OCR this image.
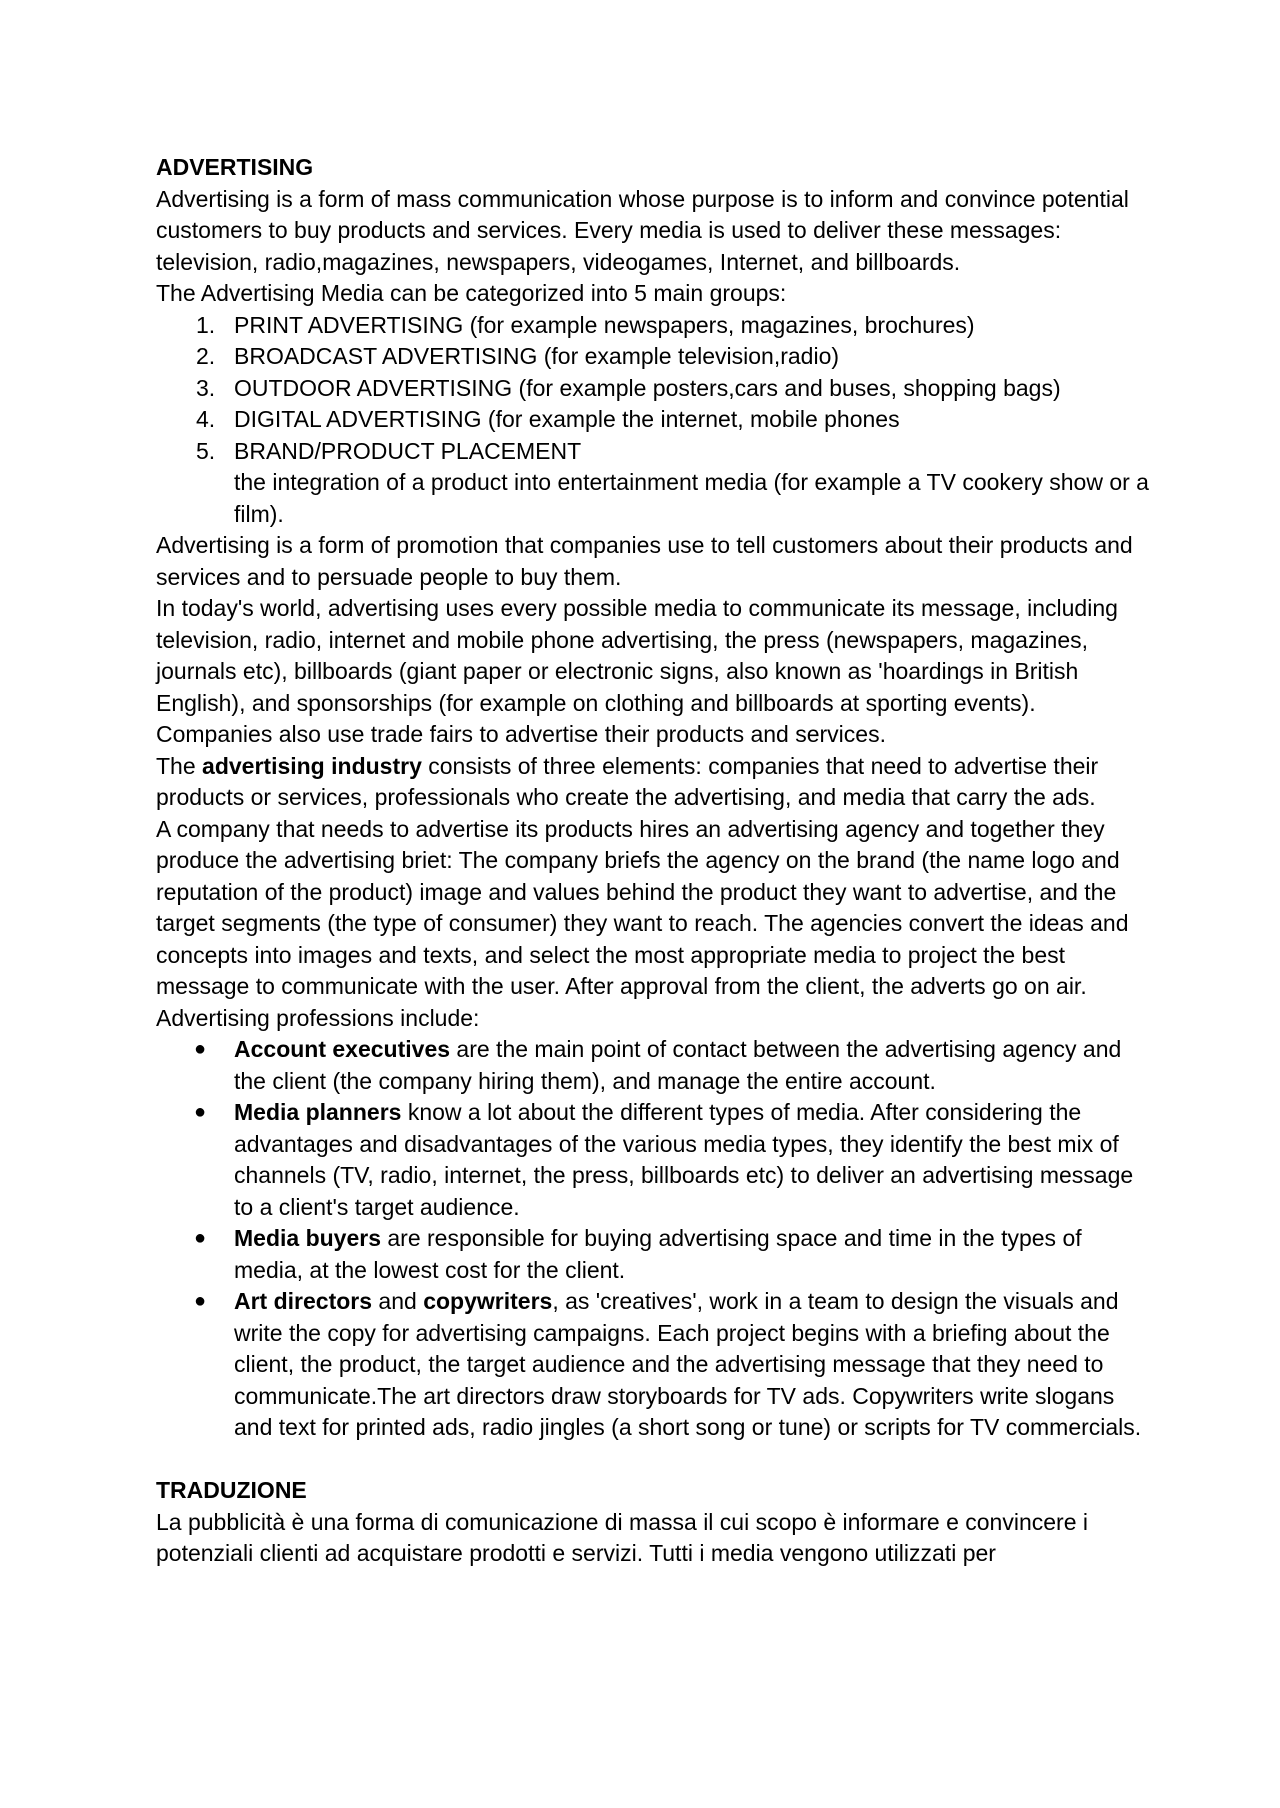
ADVERTISING

Advertising is a form of mass communication whose purpose is to inform and convince potential customers to buy products and services. Every media is used to deliver these messages: television, radio,magazines, newspapers, videogames, Internet, and billboards.

The Advertising Media can be categorized into 5 main groups:

1. PRINT ADVERTISING (for example newspapers, magazines, brochures)
2. BROADCAST ADVERTISING (for example television,radio)
3. OUTDOOR ADVERTISING (for example posters,cars and buses, shopping bags)
4. DIGITAL ADVERTISING (for example the internet, mobile phones
5. BRAND/PRODUCT PLACEMENT
the integration of a product into entertainment media (for example a TV cookery show or a film).

Advertising is a form of promotion that companies use to tell customers about their products and services and to persuade people to buy them.

In today's world, advertising uses every possible media to communicate its message, including television, radio, internet and mobile phone advertising, the press (newspapers, magazines, journals etc), billboards (giant paper or electronic signs, also known as 'hoardings in British English), and sponsorships (for example on clothing and billboards at sporting events). Companies also use trade fairs to advertise their products and services.

The advertising industry consists of three elements: companies that need to advertise their products or services, professionals who create the advertising, and media that carry the ads.

A company that needs to advertise its products hires an advertising agency and together they produce the advertising briet: The company briefs the agency on the brand (the name logo and reputation of the product) image and values behind the product they want to advertise, and the target segments (the type of consumer) they want to reach. The agencies convert the ideas and concepts into images and texts, and select the most appropriate media to project the best message to communicate with the user. After approval from the client, the adverts go on air.

Advertising professions include:

● Account executives are the main point of contact between the advertising agency and the client (the company hiring them), and manage the entire account.
● Media planners know a lot about the different types of media. After considering the advantages and disadvantages of the various media types, they identify the best mix of channels (TV, radio, internet, the press, billboards etc) to deliver an advertising message to a client's target audience.
● Media buyers are responsible for buying advertising space and time in the types of media, at the lowest cost for the client.
● Art directors and copywriters, as 'creatives', work in a team to design the visuals and write the copy for advertising campaigns. Each project begins with a briefing about the client, the product, the target audience and the advertising message that they need to communicate.The art directors draw storyboards for TV ads. Copywriters write slogans and text for printed ads, radio jingles (a short song or tune) or scripts for TV commercials.
TRADUZIONE

La pubblicità è una forma di comunicazione di massa il cui scopo è informare e convincere i potenziali clienti ad acquistare prodotti e servizi. Tutti i media vengono utilizzati per
